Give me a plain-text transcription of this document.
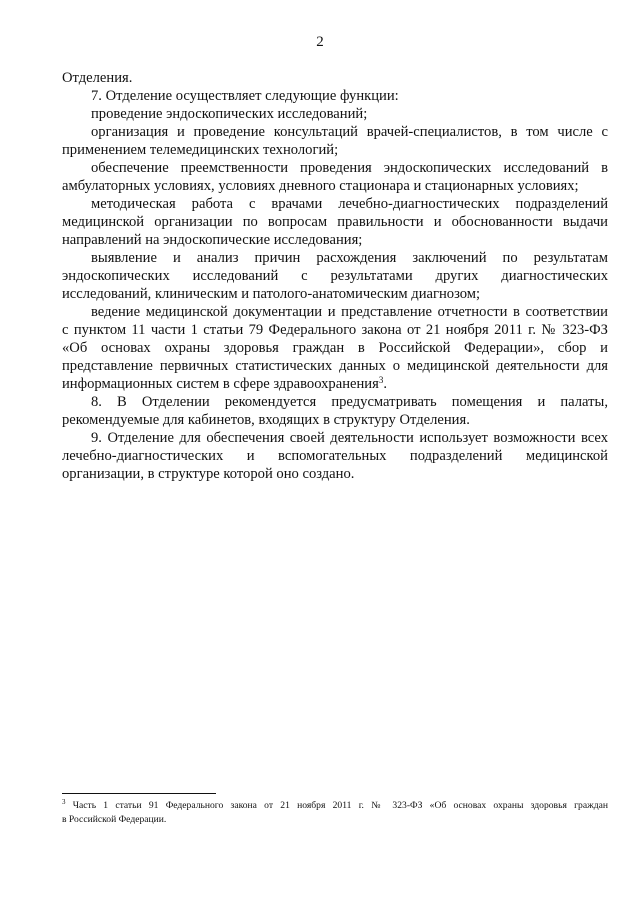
2
Отделения.
7. Отделение осуществляет следующие функции:
проведение эндоскопических исследований;
организация и проведение консультаций врачей-специалистов, в том числе с
применением телемедицинских технологий;
обеспечение преемственности проведения эндоскопических исследований в
амбулаторных условиях, условиях дневного стационара и стационарных условиях;
методическая работа с врачами лечебно-диагностических подразделений
медицинской организации по вопросам правильности и обоснованности выдачи
направлений на эндоскопические исследования;
выявление и анализ причин расхождения заключений по результатам
эндоскопических исследований с результатами других диагностических
исследований, клиническим и патолого-анатомическим диагнозом;
ведение медицинской документации и представление отчетности в соответствии
с пунктом 11 части 1 статьи 79 Федерального закона от 21 ноября 2011 г. № 323-ФЗ
«Об основах охраны здоровья граждан в Российской Федерации», сбор и
представление первичных статистических данных о медицинской деятельности для
информационных систем в сфере здравоохранения$^3$.
8. В Отделении рекомендуется предусматривать помещения и палаты,
рекомендуемые для кабинетов, входящих в структуру Отделения.
9. Отделение для обеспечения своей деятельности использует возможности всех
лечебно-диагностических и вспомогательных подразделений медицинской
организации, в структуре которой оно создано.
$^3$ Часть 1 статьи 91 Федерального закона от 21 ноября 2011 г. № 323-ФЗ «Об основах охраны здоровья граждан
в Российской Федерации.
